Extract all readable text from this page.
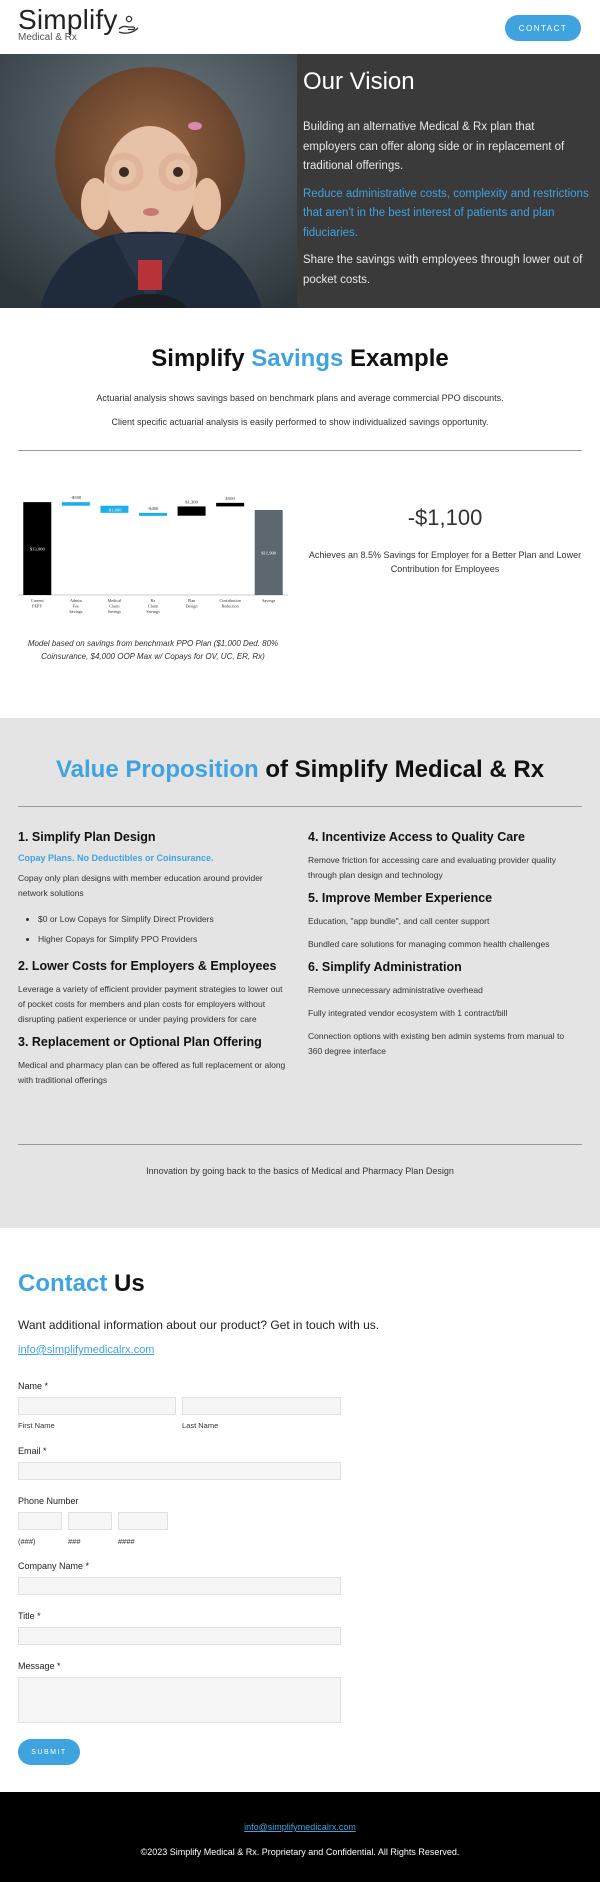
Simplify
Medical & Rx
CONTACT
Our Vision

Building an alternative Medical & Rx plan that employers can offer along side or in replacement of traditional offerings.

Reduce administrative costs, complexity and restrictions that aren't in the best interest of patients and plan fiduciaries.

Share the savings with employees through lower out of pocket costs.

Simplify Savings Example

Actuarial analysis shows savings based on benchmark plans and average commercial PPO discounts.

Client specific actuarial analysis is easily performed to show individualized savings opportunity.

$13,000
Current
PEPY
-$500
Admin
Fee
Savings
-$1,000
Medical
Claim
Savings
-$400
Rx
Claim
Savings
$1,300
Plan
Design
$500
Contribution
Reduction
$11,900
Savings
Model based on savings from benchmark PPO Plan ($1,000 Ded. 80%
Coinsurance, $4,000 OOP Max w/ Copays for OV, UC, ER, Rx)
-$1,100
Achieves an 8.5% Savings for Employer for a Better Plan and Lower Contribution for Employees
Value Proposition of Simplify Medical & Rx
1. Simplify Plan Design
Copay Plans. No Deductibles or Coinsurance.

Copay only plan designs with member education around provider network solutions

• $0 or Low Copays for Simplify Direct Providers
• Higher Copays for Simplify PPO Providers
2. Lower Costs for Employers & Employees

Leverage a variety of efficient provider payment strategies to lower out of pocket costs for members and plan costs for employers without disrupting patient experience or under paying providers for care

3. Replacement or Optional Plan Offering

Medical and pharmacy plan can be offered as full replacement or along with traditional offerings

4. Incentivize Access to Quality Care

Remove friction for accessing care and evaluating provider quality through plan design and technology

5. Improve Member Experience

Education, "app bundle", and call center support

Bundled care solutions for managing common health challenges

6. Simplify Administration

Remove unnecessary administrative overhead

Fully integrated vendor ecosystem with 1 contract/bill

Connection options with existing ben admin systems from manual to 360 degree interface

Innovation by going back to the basics of Medical and Pharmacy Plan Design

Contact Us

Want additional information about our product? Get in touch with us.

info@simplifymedicalrx.com
Name *
First Name	Last Name
Email *
Phone Number
(###)	###	####
Company Name *
Title *
Message *
SUBMIT
info@simplifymedicalrx.com
©2023 Simplify Medical & Rx. Proprietary and Confidential. All Rights Reserved.
